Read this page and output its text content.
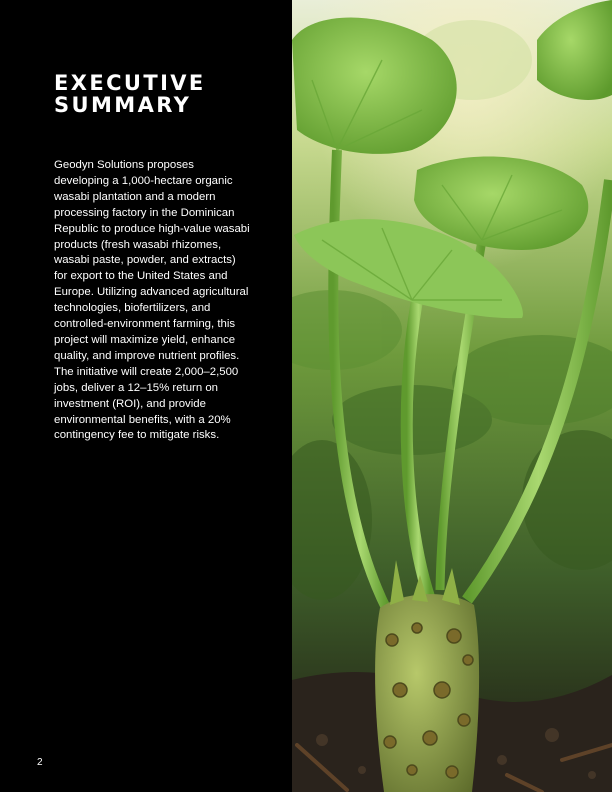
EXECUTIVE
SUMMARY

Geodyn Solutions proposes developing a 1,000-hectare organic wasabi plantation and a modern processing factory in the Dominican Republic to produce high-value wasabi products (fresh wasabi rhizomes, wasabi paste, powder, and extracts) for export to the United States and Europe. Utilizing advanced agricultural technologies, biofertilizers, and controlled-environment farming, this project will maximize yield, enhance quality, and improve nutrient profiles. The initiative will create 2,000–2,500 jobs, deliver a 12–15% return on investment (ROI), and provide environmental benefits, with a 20% contingency fee to mitigate risks.

2
